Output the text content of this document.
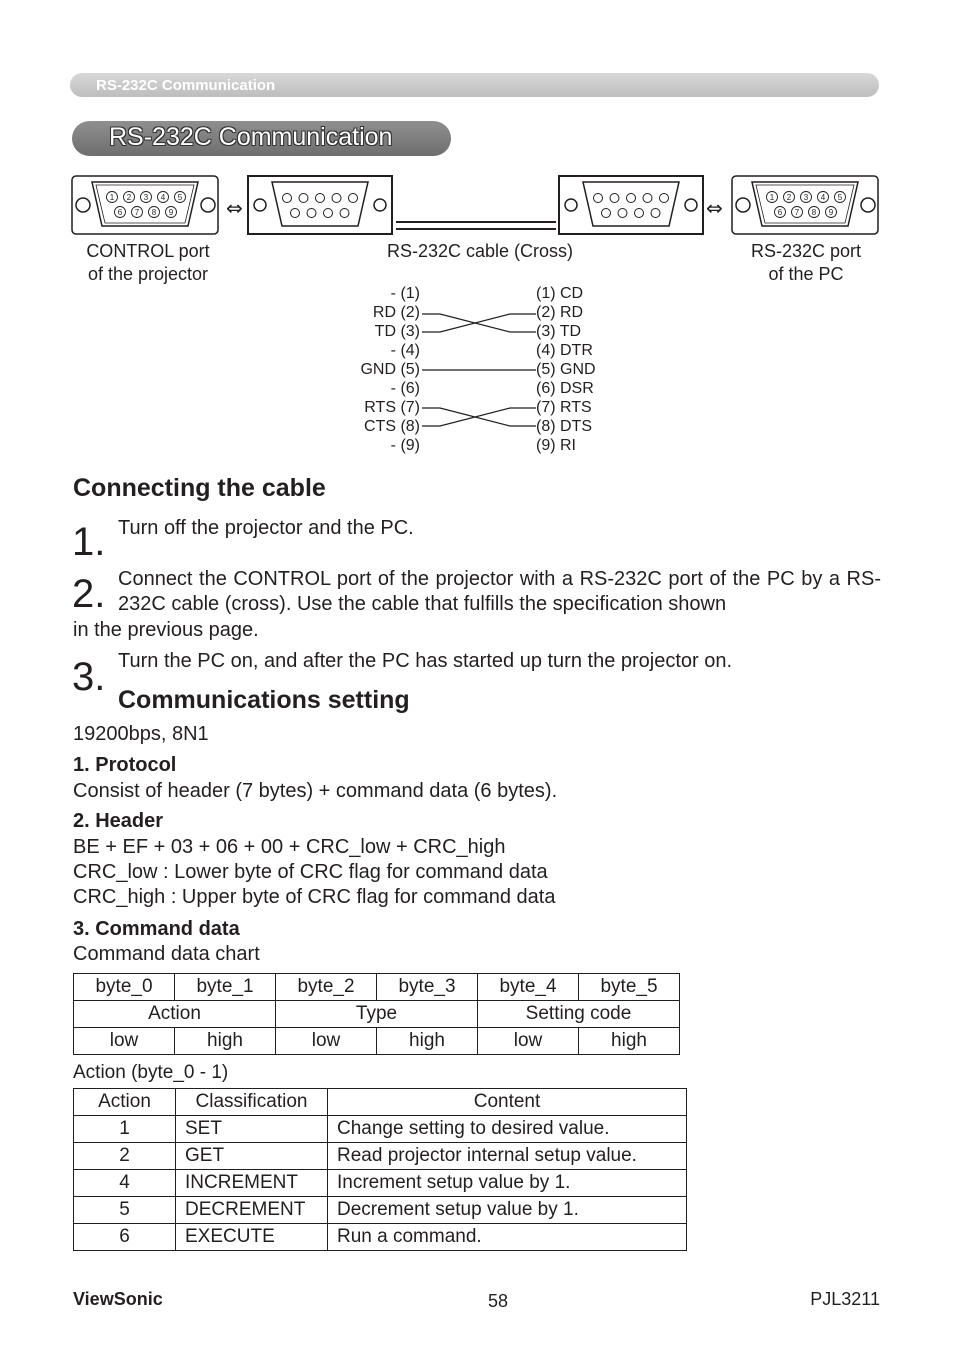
RS-232C Communication
RS-232C Communication
1 2 3 4 5
6 7 8 9	⇔	⇔	1 2 3 4 5
6 7 8 9
CONTROL port
of the projector
RS-232C cable (Cross)	RS-232C port
of the PC
- (1)
RD (2)
TD (3)
- (4)
GND (5)
- (6)
RTS (7)
CTS (8)
- (9)
(1) CD
(2) RD
(3) TD
(4) DTR
(5) GND
(6) DSR
(7) RTS
(8) DTS
(9) RI
Connecting the cable
1. Turn off the projector and the PC.
2. Connect the CONTROL port of the projector with a RS-232C port of the PC by a RS-232C cable (cross). Use the cable that fulfills the specification shown
in the previous page.
3. Turn the PC on, and after the PC has started up turn the projector on.
Communications setting
19200bps, 8N1
1. Protocol
Consist of header (7 bytes) + command data (6 bytes).
2. Header
BE + EF + 03 + 06 + 00 + CRC_low + CRC_high
CRC_low : Lower byte of CRC flag for command data
CRC_high : Upper byte of CRC flag for command data
3. Command data
Command data chart
byte_0	byte_1	byte_2	byte_3	byte_4	byte_5
Action		Type		Setting code	
low	high	low	high	low	high
Action (byte_0 - 1)
Action	Classification	Content
1	SET	Change setting to desired value.
2	GET	Read projector internal setup value.
4	INCREMENT	Increment setup value by 1.
5	DECREMENT	Decrement setup value by 1.
6	EXECUTE	Run a command.
ViewSonic	58	PJL3211
